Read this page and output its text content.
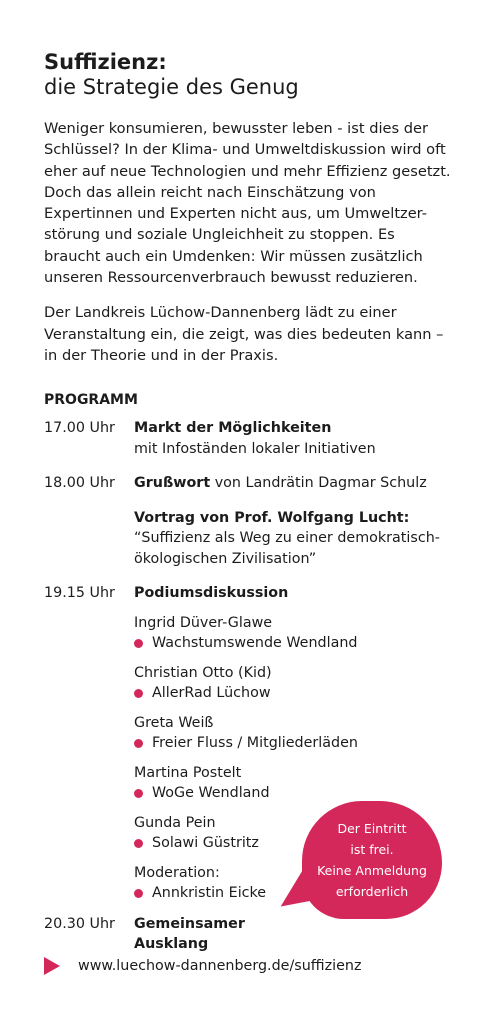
Suffizienz:
die Strategie des Genug

Weniger konsumieren, bewusster leben - ist dies der Schlüssel? In der Klima- und Umweltdiskussion wird oft eher auf neue Technologien und mehr Effizienz gesetzt. Doch das allein reicht nach Einschätzung von Expertinnen und Experten nicht aus, um Umweltzer-störung und soziale Ungleichheit zu stoppen. Es braucht auch ein Umdenken: Wir müssen zusätzlich unseren Ressourcenverbrauch bewusst reduzieren.

Der Landkreis Lüchow-Dannenberg lädt zu einer Veranstaltung ein, die zeigt, was dies bedeuten kann – in der Theorie und in der Praxis.

PROGRAMM
17.00 Uhr	Markt der Möglichkeiten
mit Infoständen lokaler Initiativen
18.00 Uhr	Grußwort von Landrätin Dagmar Schulz
Vortrag von Prof. Wolfgang Lucht:
“Suffizienz als Weg zu einer demokratisch-ökologischen Zivilisation”
19.15 Uhr	Podiumsdiskussion
Ingrid Düver-Glawe
Wachstumswende Wendland
Christian Otto (Kid)
AllerRad Lüchow
Greta Weiß
Freier Fluss / Mitgliederläden
Martina Postelt
WoGe Wendland
Gunda Pein
Solawi Güstritz
Moderation:
Annkristin Eicke
20.30 Uhr	Gemeinsamer
Ausklang
Der Eintritt
ist frei.
Keine Anmeldung
erforderlich
www.luechow-dannenberg.de/suffizienz
